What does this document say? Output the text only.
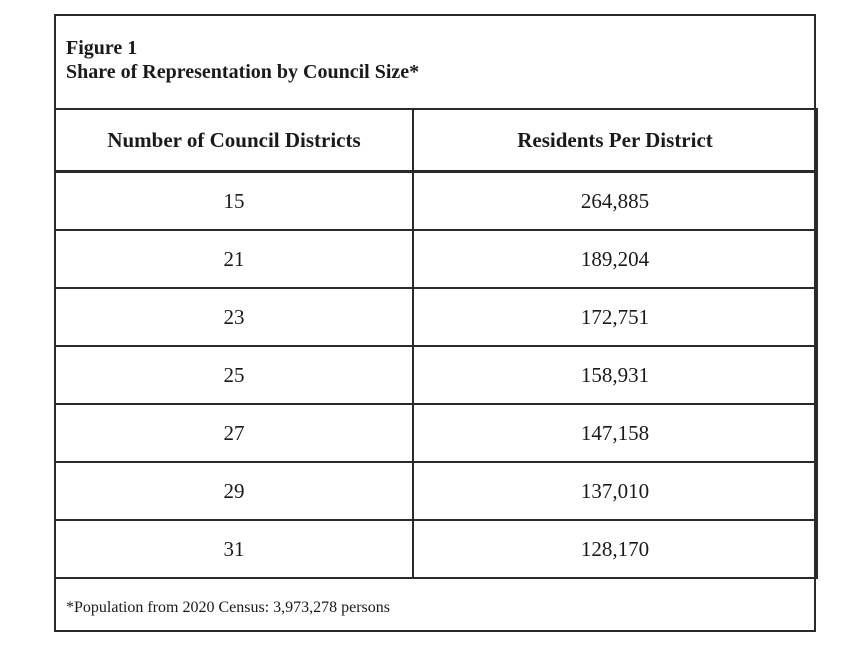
Figure 1
Share of Representation by Council Size*
Number of Council Districts	Residents Per District
15	264,885
21	189,204
23	172,751
25	158,931
27	147,158
29	137,010
31	128,170
*Population from 2020 Census: 3,973,278 persons
